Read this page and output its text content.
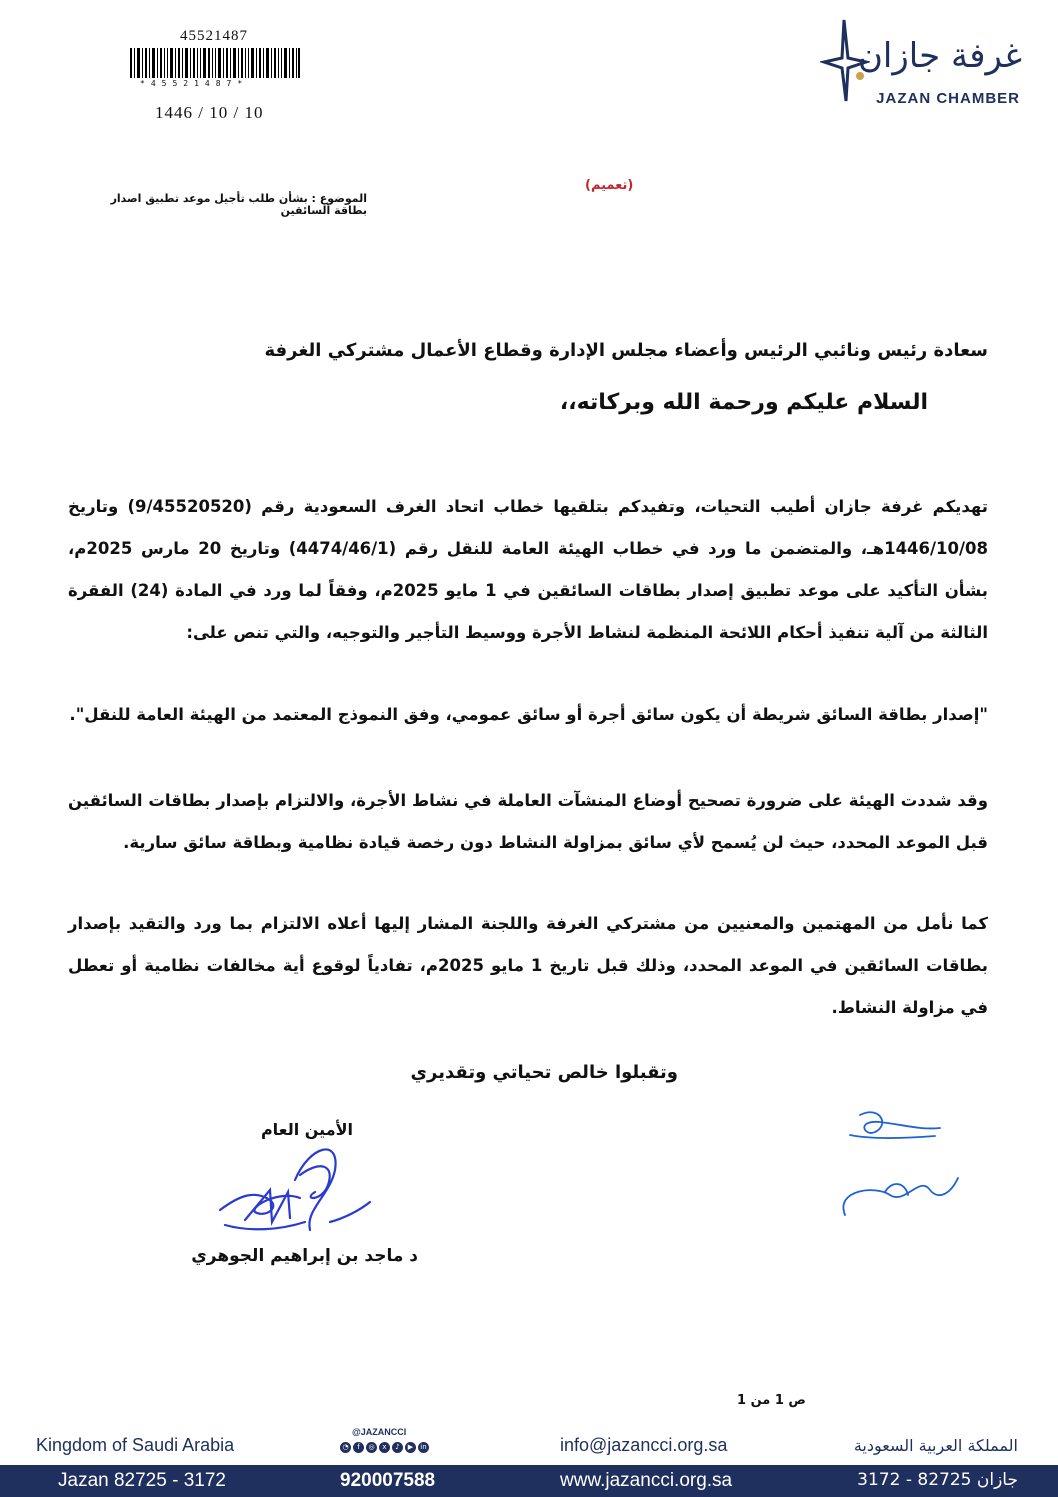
45521487
*45521487*
1446 / 10 / 10
غرفة جازان
JAZAN CHAMBER
(تعميم)
الموضوع : بشأن طلب تأجيل موعد تطبيق اصدار بطاقة السائقين
سعادة رئيس ونائبي الرئيس وأعضاء مجلس الإدارة وقطاع الأعمال مشتركي الغرفة
السلام عليكم ورحمة الله وبركاته،،
تهديكم غرفة جازان أطيب التحيات، وتفيدكم بتلقيها خطاب اتحاد الغرف السعودية رقم (9/45520520) وتاريخ 1446/10/08هـ، والمتضمن ما ورد في خطاب الهيئة العامة للنقل رقم (4474/46/1) وتاريخ 20 مارس 2025م، بشأن التأكيد على موعد تطبيق إصدار بطاقات السائقين في 1 مايو 2025م، وفقاً لما ورد في المادة (24) الفقرة الثالثة من آلية تنفيذ أحكام اللائحة المنظمة لنشاط الأجرة ووسيط التأجير والتوجيه، والتي تنص على:
"إصدار بطاقة السائق شريطة أن يكون سائق أجرة أو سائق عمومي، وفق النموذج المعتمد من الهيئة العامة للنقل".
وقد شددت الهيئة على ضرورة تصحيح أوضاع المنشآت العاملة في نشاط الأجرة، والالتزام بإصدار بطاقات السائقين قبل الموعد المحدد، حيث لن يُسمح لأي سائق بمزاولة النشاط دون رخصة قيادة نظامية وبطاقة سائق سارية.
كما نأمل من المهتمين والمعنيين من مشتركي الغرفة واللجنة المشار إليها أعلاه الالتزام بما ورد والتقيد بإصدار بطاقات السائقين في الموعد المحدد، وذلك قبل تاريخ 1 مايو 2025م، تفادياً لوقوع أية مخالفات نظامية أو تعطل في مزاولة النشاط.
وتقبلوا خالص تحياتي وتقديري
الأمين العام
د ماجد بن إبراهيم الجوهري
ص 1 من 1
Kingdom of Saudi Arabia
@JAZANCCI
◔	f	◎	x	♪	▶	in	info@jazancci.org.sa	المملكة العربية السعودية
Jazan 82725 - 3172	920007588	www.jazancci.org.sa	جازان 82725 - 3172
